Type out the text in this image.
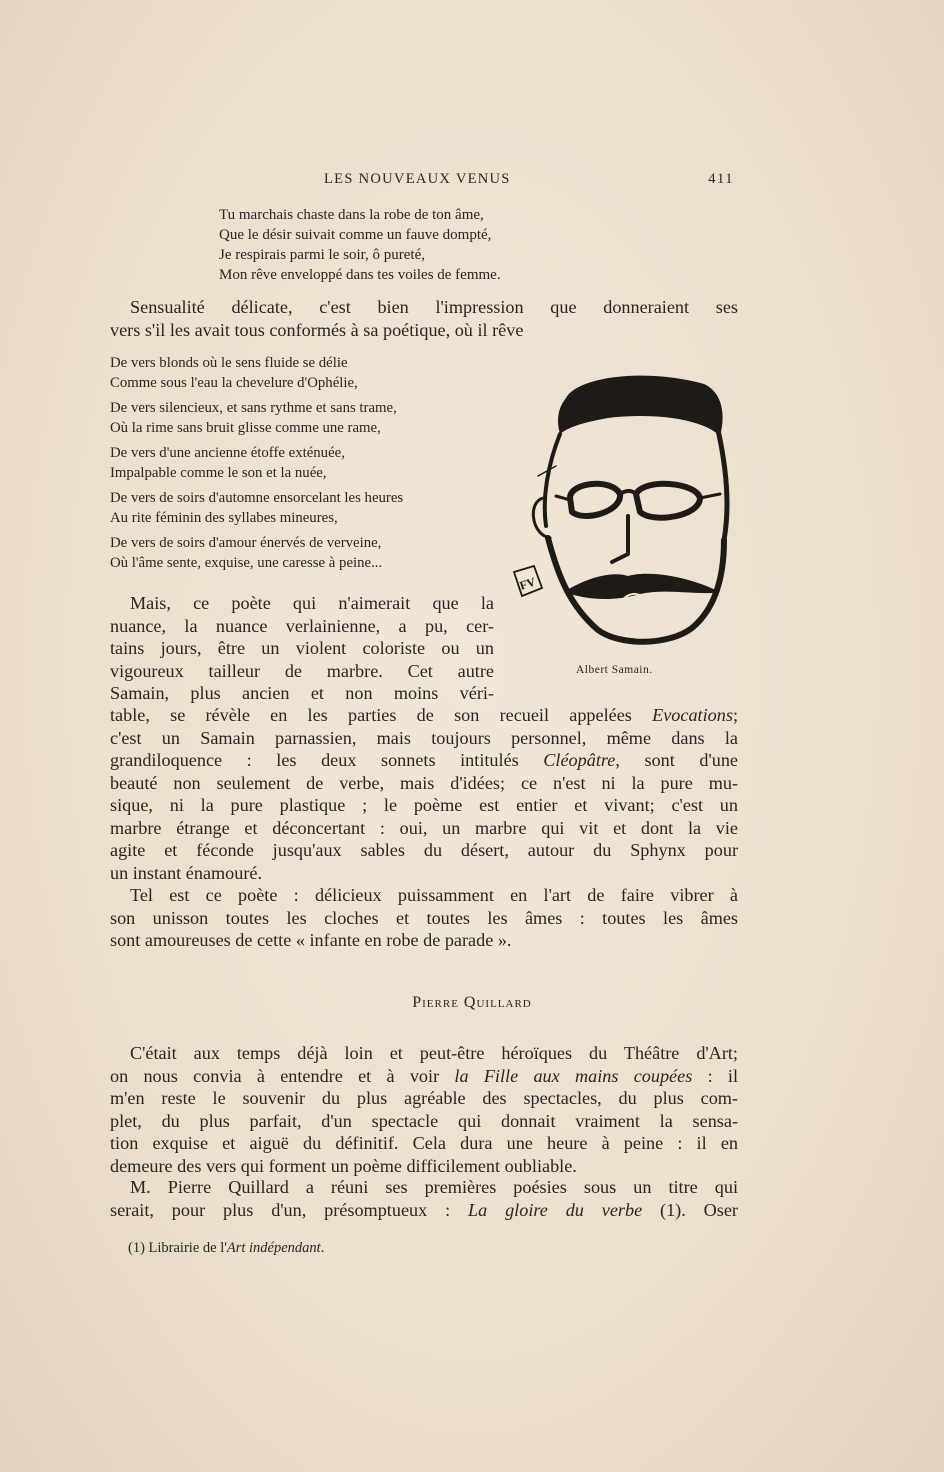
LES NOUVEAUX VENUS	411
Tu marchais chaste dans la robe de ton âme,
Que le désir suivait comme un fauve dompté,
Je respirais parmi le soir, ô pureté,
Mon rêve enveloppé dans tes voiles de femme.
Sensualité délicate, c'est bien l'impression que donneraient ses
vers s'il les avait tous conformés à sa poétique, où il rêve
De vers blonds où le sens fluide se délie
Comme sous l'eau la chevelure d'Ophélie,
De vers silencieux, et sans rythme et sans trame,
Où la rime sans bruit glisse comme une rame,
De vers d'une ancienne étoffe exténuée,
Impalpable comme le son et la nuée,
De vers de soirs d'automne ensorcelant les heures
Au rite féminin des syllabes mineures,
De vers de soirs d'amour énervés de verveine,
Où l'âme sente, exquise, une caresse à peine...
FV
Albert Samain.
Mais, ce poète qui n'aimerait que la
nuance, la nuance verlainienne, a pu, cer-
tains jours, être un violent coloriste ou un
vigoureux tailleur de marbre. Cet autre
Samain, plus ancien et non moins véri-
table, se révèle en les parties de son recueil appelées Evocations;
c'est un Samain parnassien, mais toujours personnel, même dans la
grandiloquence : les deux sonnets intitulés Cléopâtre, sont d'une
beauté non seulement de verbe, mais d'idées; ce n'est ni la pure mu-
sique, ni la pure plastique ; le poème est entier et vivant; c'est un
marbre étrange et déconcertant : oui, un marbre qui vit et dont la vie
agite et féconde jusqu'aux sables du désert, autour du Sphynx pour
un instant énamouré.
Tel est ce poète : délicieux puissamment en l'art de faire vibrer à
son unisson toutes les cloches et toutes les âmes : toutes les âmes
sont amoureuses de cette « infante en robe de parade ».
Pierre Quillard
C'était aux temps déjà loin et peut-être héroïques du Théâtre d'Art;
on nous convia à entendre et à voir la Fille aux mains coupées : il
m'en reste le souvenir du plus agréable des spectacles, du plus com-
plet, du plus parfait, d'un spectacle qui donnait vraiment la sensa-
tion exquise et aiguë du définitif. Cela dura une heure à peine : il en
demeure des vers qui forment un poème difficilement oubliable.
M. Pierre Quillard a réuni ses premières poésies sous un titre qui
serait, pour plus d'un, présomptueux : La gloire du verbe (1). Oser
(1) Librairie de l'Art indépendant.
